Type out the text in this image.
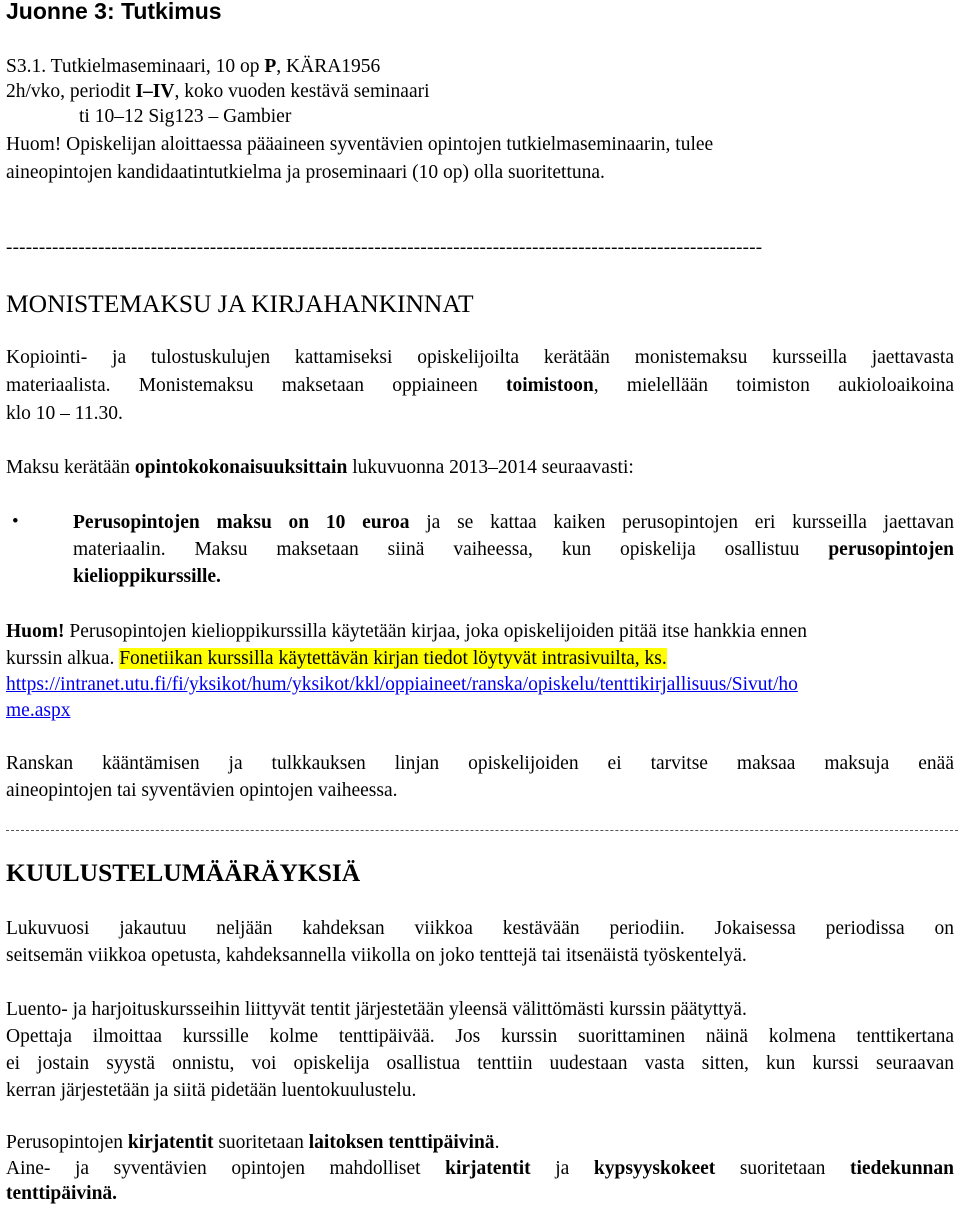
Juonne 3: Tutkimus
S3.1. Tutkielmaseminaari, 10 op P, KÄRA1956
2h/vko, periodit I–IV, koko vuoden kestävä seminaari
ti 10–12 Sig123 – Gambier
Huom! Opiskelijan aloittaessa pääaineen syventävien opintojen tutkielmaseminaarin, tulee
aineopintojen kandidaatintutkielma ja proseminaari (10 op) olla suoritettuna.
-------------------------------------------------------------------------------------------------------------------
MONISTEMAKSU JA KIRJAHANKINNAT
Kopiointi- ja tulostuskulujen kattamiseksi opiskelijoilta kerätään monistemaksu kursseilla jaettavasta
materiaalista. Monistemaksu maksetaan oppiaineen toimistoon, mielellään toimiston aukioloaikoina
klo 10 – 11.30.
Maksu kerätään opintokokonaisuuksittain lukuvuonna 2013–2014 seuraavasti:
•	Perusopintojen maksu on 10 euroa ja se kattaa kaiken perusopintojen eri kursseilla jaettavan
materiaalin. Maksu maksetaan siinä vaiheessa, kun opiskelija osallistuu perusopintojen
kielioppikurssille.
Huom! Perusopintojen kielioppikurssilla käytetään kirjaa, joka opiskelijoiden pitää itse hankkia ennen
kurssin alkua. Fonetiikan kurssilla käytettävän kirjan tiedot löytyvät intrasivuilta, ks.
https://intranet.utu.fi/fi/yksikot/hum/yksikot/kkl/oppiaineet/ranska/opiskelu/tenttikirjallisuus/Sivut/ho
me.aspx
Ranskan kääntämisen ja tulkkauksen linjan opiskelijoiden ei tarvitse maksaa maksuja enää
aineopintojen tai syventävien opintojen vaiheessa.
KUULUSTELUMÄÄRÄYKSIÄ
Lukuvuosi jakautuu neljään kahdeksan viikkoa kestävään periodiin. Jokaisessa periodissa on
seitsemän viikkoa opetusta, kahdeksannella viikolla on joko tenttejä tai itsenäistä työskentelyä.
Luento- ja harjoituskursseihin liittyvät tentit järjestetään yleensä välittömästi kurssin päätyttyä.
Opettaja ilmoittaa kurssille kolme tenttipäivää. Jos kurssin suorittaminen näinä kolmena tenttikertana
ei jostain syystä onnistu, voi opiskelija osallistua tenttiin uudestaan vasta sitten, kun kurssi seuraavan
kerran järjestetään ja siitä pidetään luentokuulustelu.
Perusopintojen kirjatentit suoritetaan laitoksen tenttipäivinä.
Aine- ja syventävien opintojen mahdolliset kirjatentit ja kypsyyskokeet suoritetaan tiedekunnan
tenttipäivinä.
